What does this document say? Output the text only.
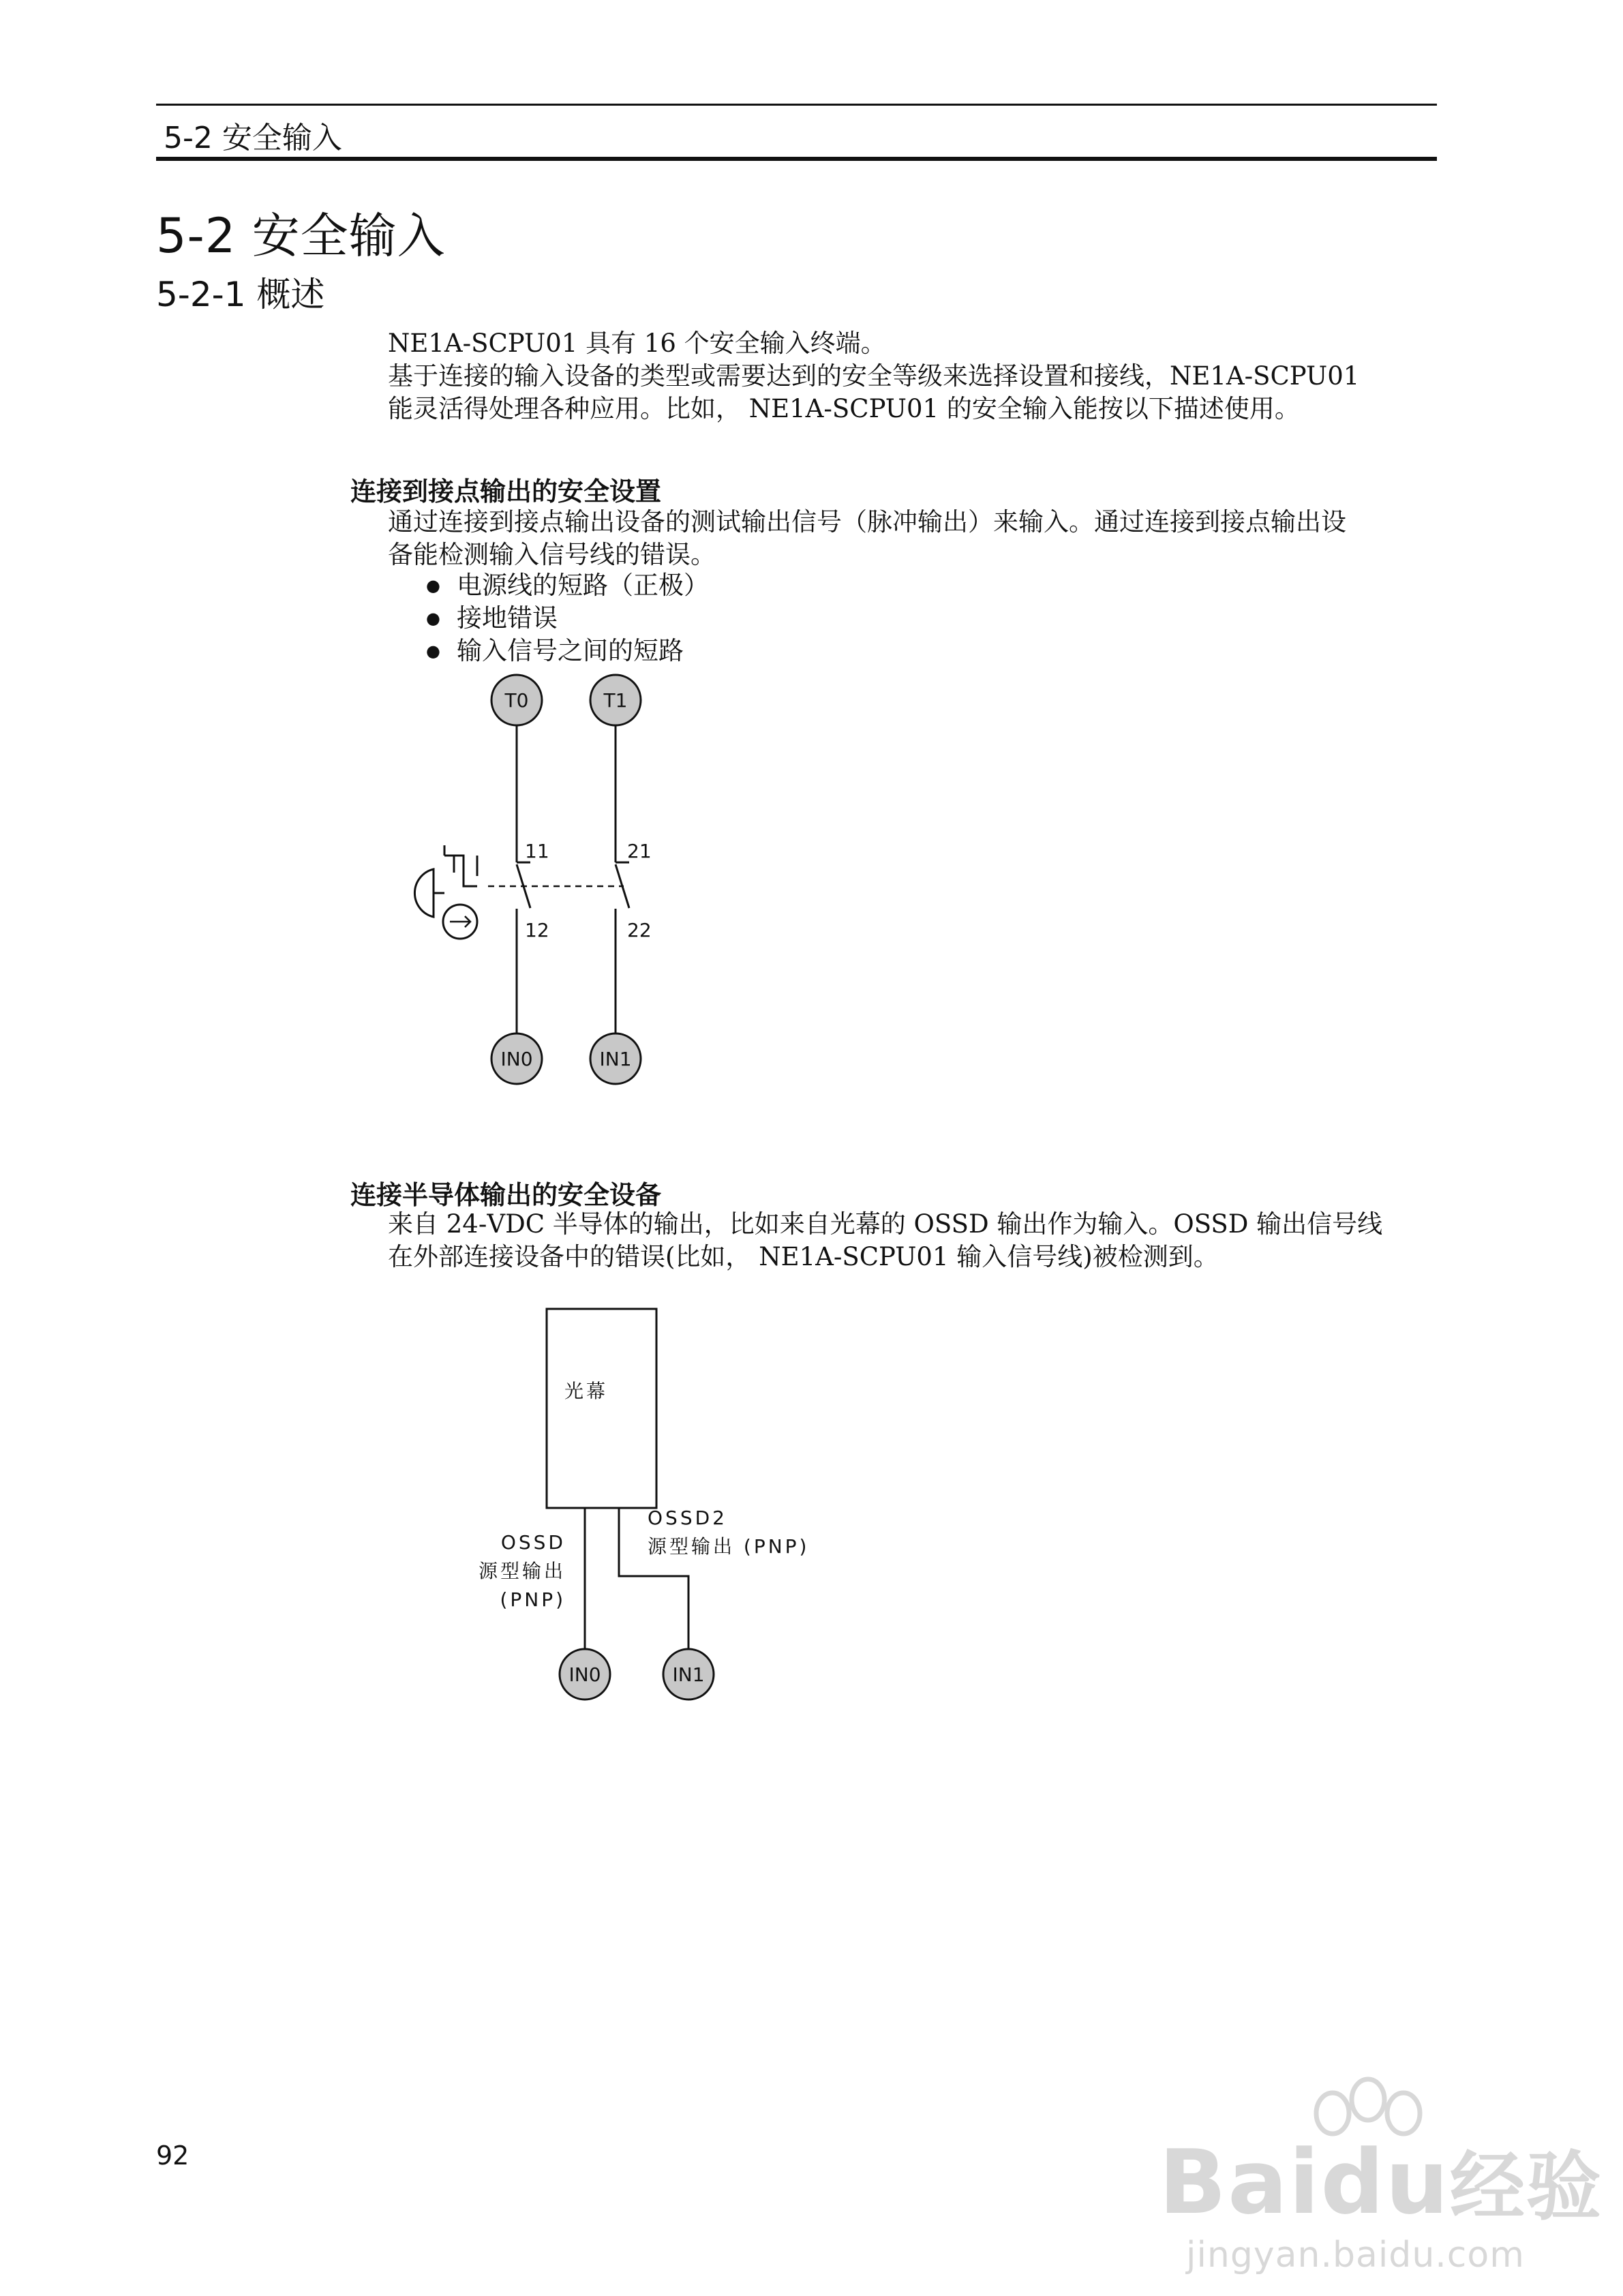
5-2 安全输入
5-2 安全输入
5-2-1 概述
NE1A-SCPU01 具有 16 个安全输入终端。
基于连接的输入设备的类型或需要达到的安全等级来选择设置和接线，NE1A-SCPU01
能灵活得处理各种应用。比如， NE1A-SCPU01 的安全输入能按以下描述使用。
连接到接点输出的安全设置
通过连接到接点输出设备的测试输出信号（脉冲输出）来输入。通过连接到接点输出设
备能检测输入信号线的错误。
● 电源线的短路（正极）
● 接地错误
● 输入信号之间的短路
T0	T1
IN0	IN1
11	21
12	22
连接半导体输出的安全设备
来自 24-VDC 半导体的输出，比如来自光幕的 OSSD 输出作为输入。OSSD 输出信号线
在外部连接设备中的错误(比如， NE1A-SCPU01 输入信号线)被检测到。
光幕
OSSD
源型输出
(PNP)
OSSD2
源型输出 (PNP)
IN0	IN1
92	Baidu经验
jingyan.baidu.com
